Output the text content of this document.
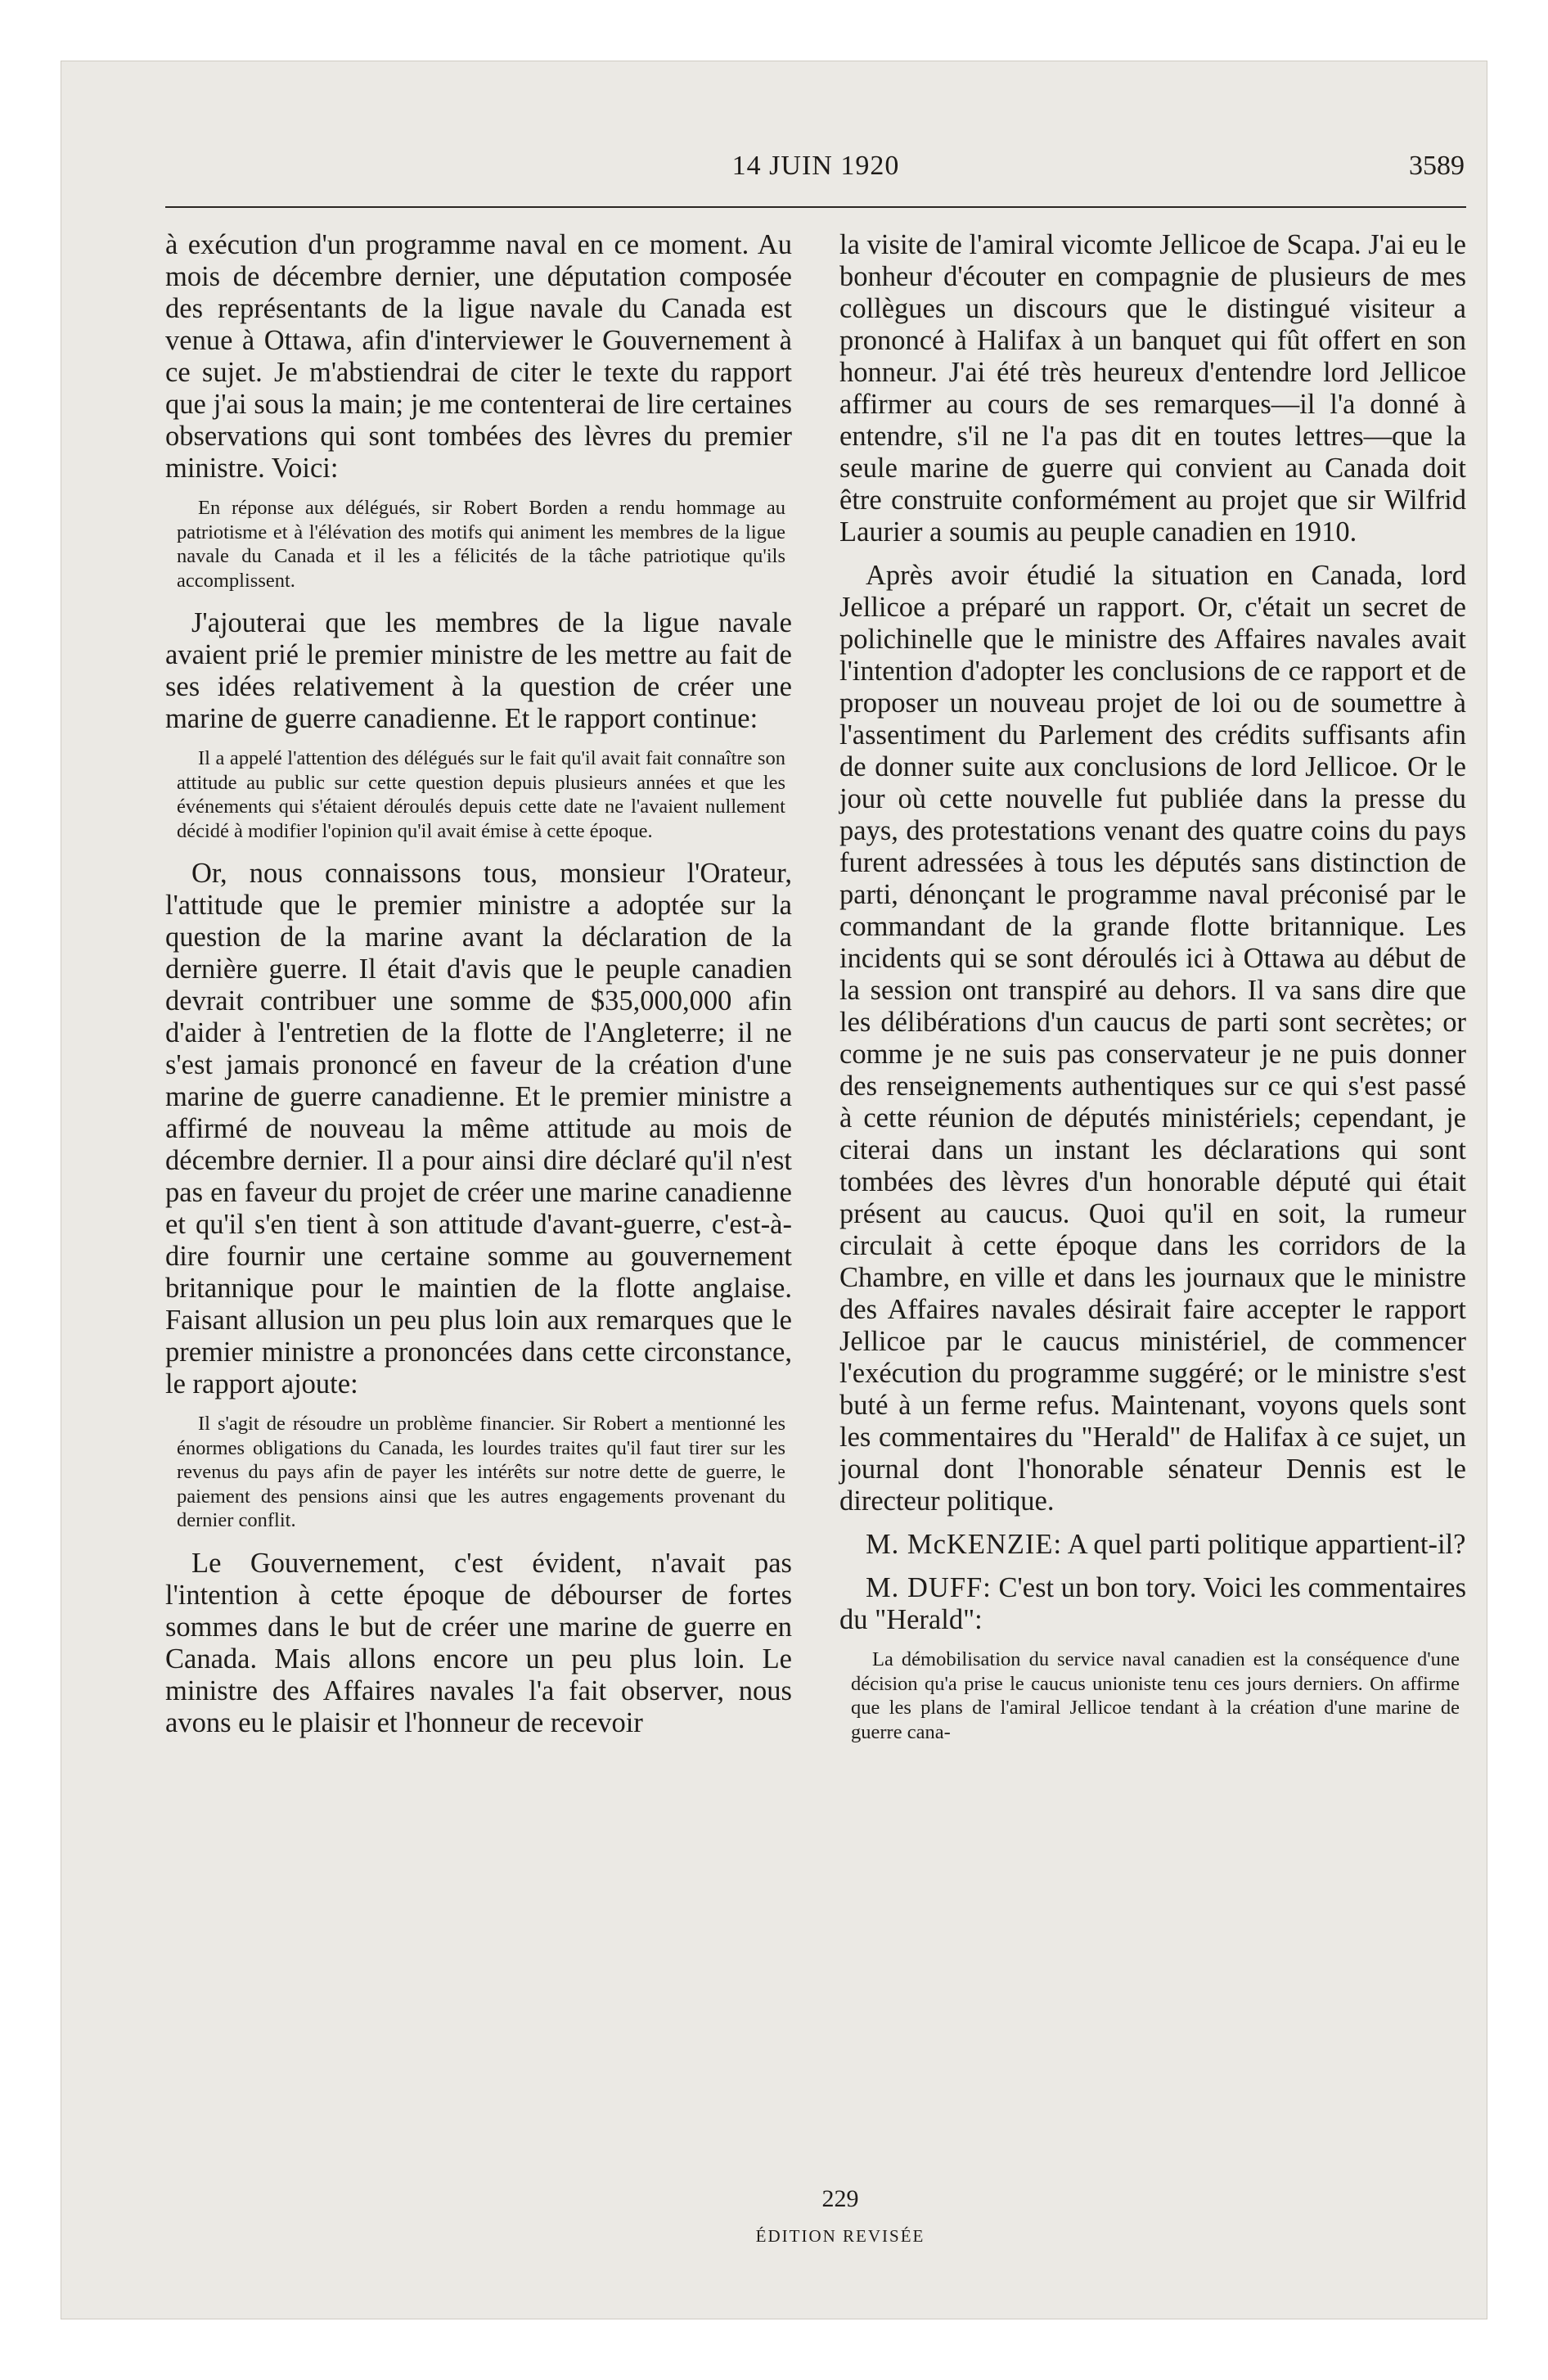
14 JUIN 1920	3589

à exécution d'un programme naval en ce moment. Au mois de décembre dernier, une députation composée des représentants de la ligue navale du Canada est venue à Ottawa, afin d'interviewer le Gouvernement à ce sujet. Je m'abstiendrai de citer le texte du rapport que j'ai sous la main; je me contenterai de lire certaines observations qui sont tombées des lèvres du premier ministre. Voici:

En réponse aux délégués, sir Robert Borden a rendu hommage au patriotisme et à l'élévation des motifs qui animent les membres de la ligue navale du Canada et il les a félicités de la tâche patriotique qu'ils accomplissent.

J'ajouterai que les membres de la ligue navale avaient prié le premier ministre de les mettre au fait de ses idées relativement à la question de créer une marine de guerre canadienne. Et le rapport continue:

Il a appelé l'attention des délégués sur le fait qu'il avait fait connaître son attitude au public sur cette question depuis plusieurs années et que les événements qui s'étaient déroulés depuis cette date ne l'avaient nullement décidé à modifier l'opinion qu'il avait émise à cette époque.

Or, nous connaissons tous, monsieur l'Orateur, l'attitude que le premier ministre a adoptée sur la question de la marine avant la déclaration de la dernière guerre. Il était d'avis que le peuple canadien devrait contribuer une somme de $35,000,000 afin d'aider à l'entretien de la flotte de l'Angleterre; il ne s'est jamais prononcé en faveur de la création d'une marine de guerre canadienne. Et le premier ministre a affirmé de nouveau la même attitude au mois de décembre dernier. Il a pour ainsi dire déclaré qu'il n'est pas en faveur du projet de créer une marine canadienne et qu'il s'en tient à son attitude d'avant-guerre, c'est-à-dire fournir une certaine somme au gouvernement britannique pour le maintien de la flotte anglaise. Faisant allusion un peu plus loin aux remarques que le premier ministre a prononcées dans cette circonstance, le rapport ajoute:

Il s'agit de résoudre un problème financier. Sir Robert a mentionné les énormes obligations du Canada, les lourdes traites qu'il faut tirer sur les revenus du pays afin de payer les intérêts sur notre dette de guerre, le paiement des pensions ainsi que les autres engagements provenant du dernier conflit.

Le Gouvernement, c'est évident, n'avait pas l'intention à cette époque de débourser de fortes sommes dans le but de créer une marine de guerre en Canada. Mais allons encore un peu plus loin. Le ministre des Affaires navales l'a fait observer, nous avons eu le plaisir et l'honneur de recevoir

la visite de l'amiral vicomte Jellicoe de Scapa. J'ai eu le bonheur d'écouter en compagnie de plusieurs de mes collègues un discours que le distingué visiteur a prononcé à Halifax à un banquet qui fût offert en son honneur. J'ai été très heureux d'entendre lord Jellicoe affirmer au cours de ses remarques—il l'a donné à entendre, s'il ne l'a pas dit en toutes lettres—que la seule marine de guerre qui convient au Canada doit être construite conformément au projet que sir Wilfrid Laurier a soumis au peuple canadien en 1910.

Après avoir étudié la situation en Canada, lord Jellicoe a préparé un rapport. Or, c'était un secret de polichinelle que le ministre des Affaires navales avait l'intention d'adopter les conclusions de ce rapport et de proposer un nouveau projet de loi ou de soumettre à l'assentiment du Parlement des crédits suffisants afin de donner suite aux conclusions de lord Jellicoe. Or le jour où cette nouvelle fut publiée dans la presse du pays, des protestations venant des quatre coins du pays furent adressées à tous les députés sans distinction de parti, dénonçant le programme naval préconisé par le commandant de la grande flotte britannique. Les incidents qui se sont déroulés ici à Ottawa au début de la session ont transpiré au dehors. Il va sans dire que les délibérations d'un caucus de parti sont secrètes; or comme je ne suis pas conservateur je ne puis donner des renseignements authentiques sur ce qui s'est passé à cette réunion de députés ministériels; cependant, je citerai dans un instant les déclarations qui sont tombées des lèvres d'un honorable député qui était présent au caucus. Quoi qu'il en soit, la rumeur circulait à cette époque dans les corridors de la Chambre, en ville et dans les journaux que le ministre des Affaires navales désirait faire accepter le rapport Jellicoe par le caucus ministériel, de commencer l'exécution du programme suggéré; or le ministre s'est buté à un ferme refus. Maintenant, voyons quels sont les commentaires du "Herald" de Halifax à ce sujet, un journal dont l'honorable sénateur Dennis est le directeur politique.

M. McKENZIE: A quel parti politique appartient-il?

M. DUFF: C'est un bon tory. Voici les commentaires du "Herald":

La démobilisation du service naval canadien est la conséquence d'une décision qu'a prise le caucus unioniste tenu ces jours derniers. On affirme que les plans de l'amiral Jellicoe tendant à la création d'une marine de guerre cana-

229
ÉDITION REVISÉE
